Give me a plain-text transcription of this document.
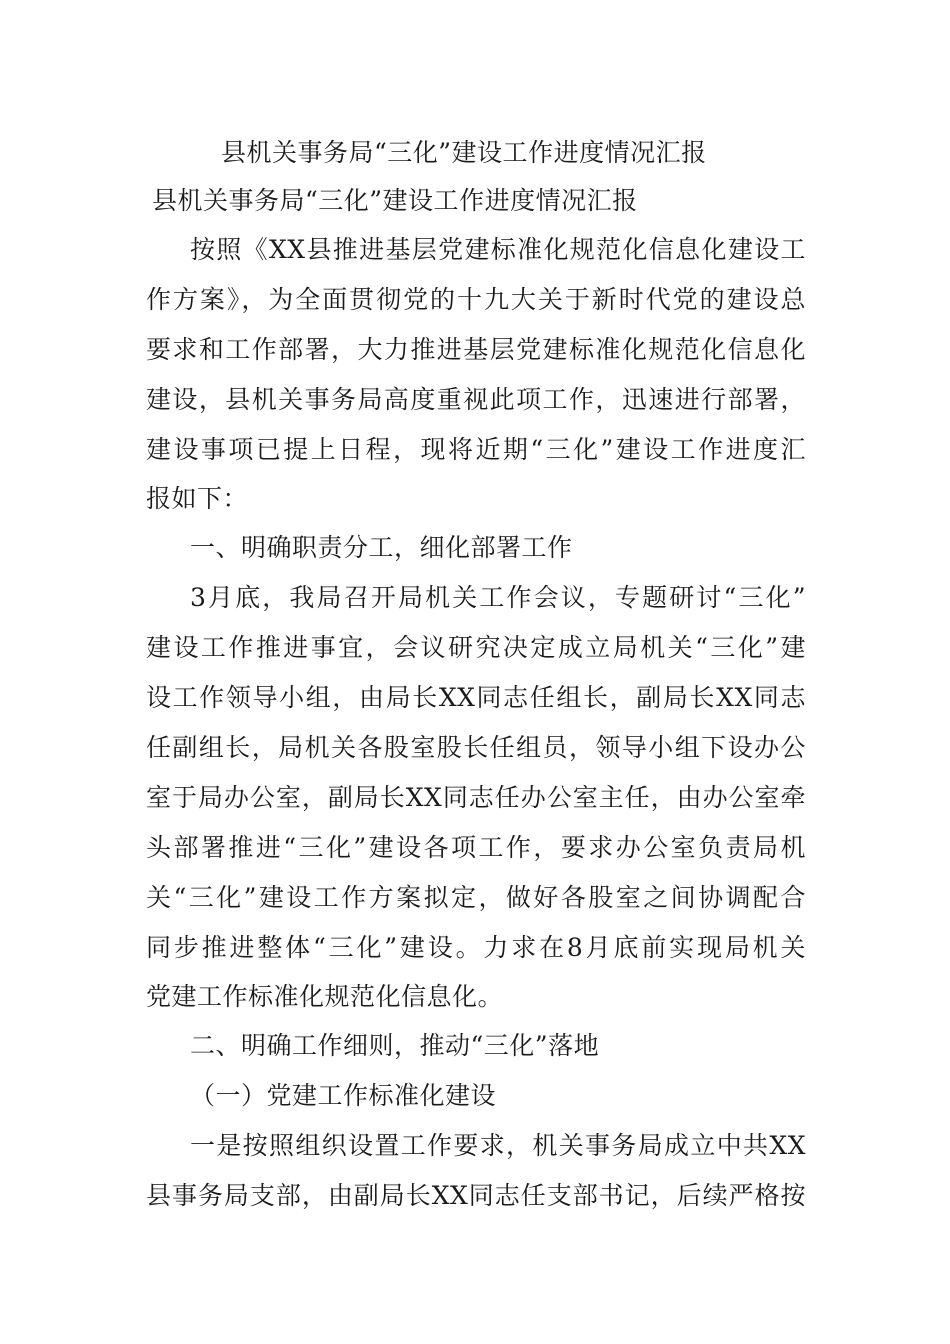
县机关事务局“三化”建设工作进度情况汇报
县机关事务局“三化”建设工作进度情况汇报
按照《XX县推进基层党建标准化规范化信息化建设工
作方案》，为全面贯彻党的十九大关于新时代党的建设总
要求和工作部署，大力推进基层党建标准化规范化信息化
建设，县机关事务局高度重视此项工作，迅速进行部署，
建设事项已提上日程，现将近期“三化”建设工作进度汇
报如下：
一、明确职责分工，细化部署工作
3月底，我局召开局机关工作会议，专题研讨“三化”
建设工作推进事宜，会议研究决定成立局机关“三化”建
设工作领导小组，由局长XX同志任组长，副局长XX同志
任副组长，局机关各股室股长任组员，领导小组下设办公
室于局办公室，副局长XX同志任办公室主任，由办公室牵
头部署推进“三化”建设各项工作，要求办公室负责局机
关“三化”建设工作方案拟定，做好各股室之间协调配合
同步推进整体“三化”建设。力求在8月底前实现局机关
党建工作标准化规范化信息化。
二、明确工作细则，推动“三化”落地
（一）党建工作标准化建设
一是按照组织设置工作要求，机关事务局成立中共XX
县事务局支部，由副局长XX同志任支部书记，后续严格按
